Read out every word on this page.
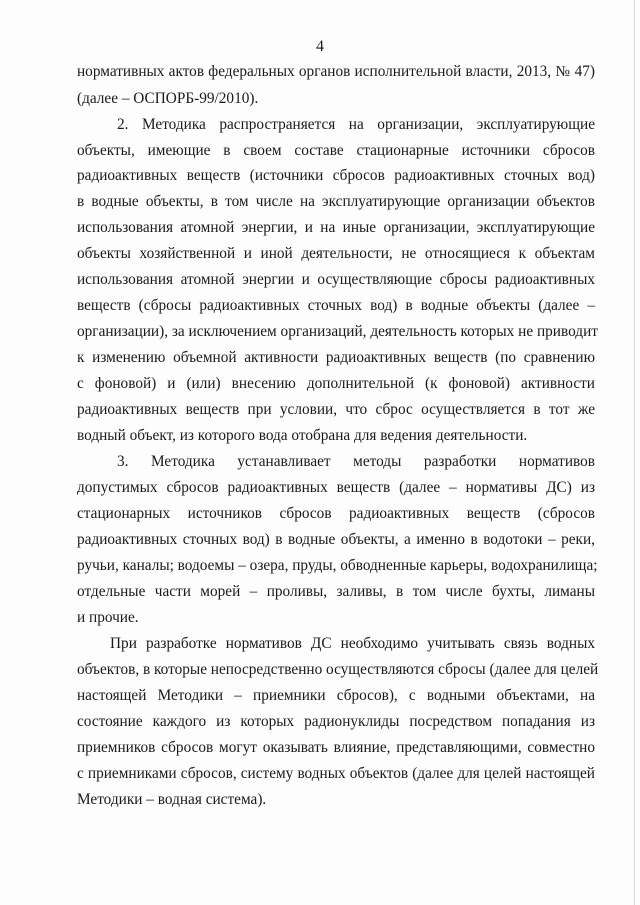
4
нормативных актов федеральных органов исполнительной власти, 2013, № 47)
(далее – ОСПОРБ-99/2010).
2. Методика распространяется на организации, эксплуатирующие
объекты, имеющие в своем составе стационарные источники сбросов
радиоактивных веществ (источники сбросов радиоактивных сточных вод)
в водные объекты, в том числе на эксплуатирующие организации объектов
использования атомной энергии, и на иные организации, эксплуатирующие
объекты хозяйственной и иной деятельности, не относящиеся к объектам
использования атомной энергии и осуществляющие сбросы радиоактивных
веществ (сбросы радиоактивных сточных вод) в водные объекты (далее –
организации), за исключением организаций, деятельность которых не приводит
к изменению объемной активности радиоактивных веществ (по сравнению
с фоновой) и (или) внесению дополнительной (к фоновой) активности
радиоактивных веществ при условии, что сброс осуществляется в тот же
водный объект, из которого вода отобрана для ведения деятельности.
3. Методика устанавливает методы разработки нормативов
допустимых сбросов радиоактивных веществ (далее – нормативы ДС) из
стационарных источников сбросов радиоактивных веществ (сбросов
радиоактивных сточных вод) в водные объекты, а именно в водотоки – реки,
ручьи, каналы; водоемы – озера, пруды, обводненные карьеры, водохранилища;
отдельные части морей – проливы, заливы, в том числе бухты, лиманы
и прочие.
При разработке нормативов ДС необходимо учитывать связь водных
объектов, в которые непосредственно осуществляются сбросы (далее для целей
настоящей Методики – приемники сбросов), с водными объектами, на
состояние каждого из которых радионуклиды посредством попадания из
приемников сбросов могут оказывать влияние, представляющими, совместно
с приемниками сбросов, систему водных объектов (далее для целей настоящей
Методики – водная система).
